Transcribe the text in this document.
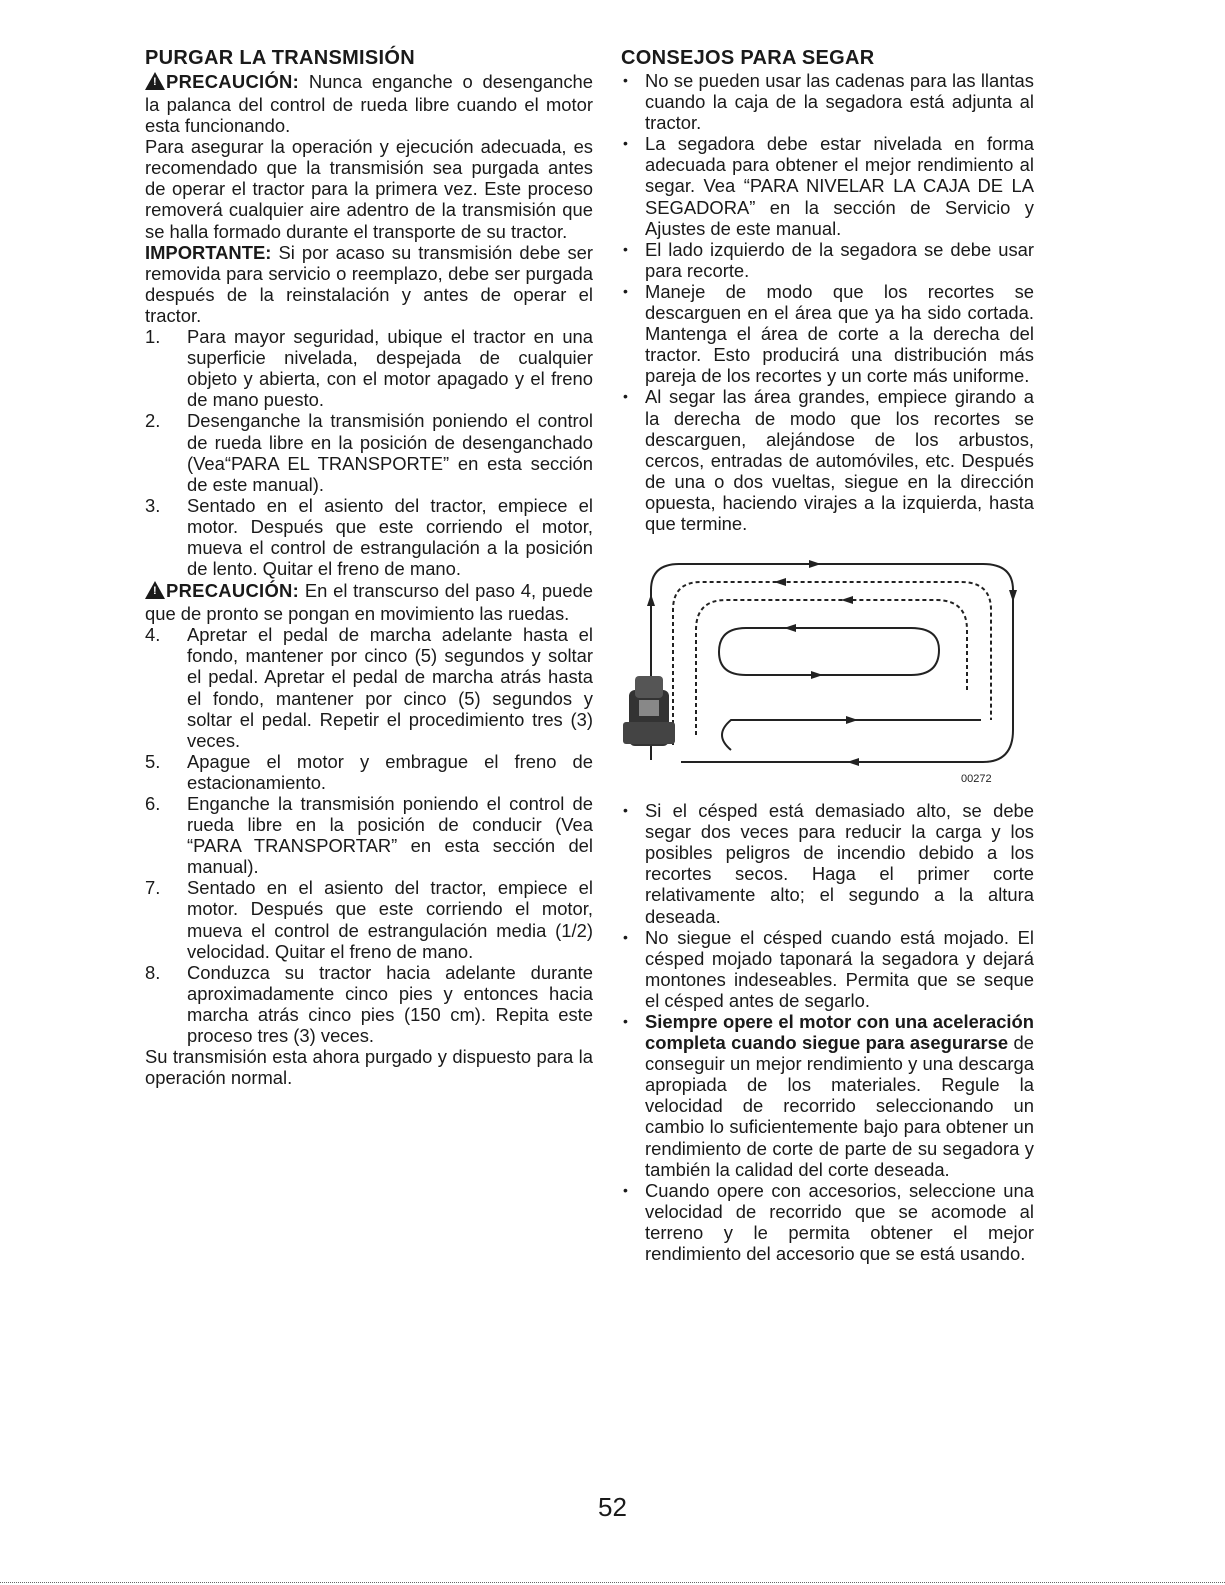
PURGAR LA TRANSMISIÓN

! PRECAUCIÓN: Nunca enganche o desenganche la palanca del control de rueda libre cuando el motor esta funcionando.

Para asegurar la operación y ejecución adecuada, es recomendado que la transmisión sea purgada antes de operar el tractor para la primera vez. Este proceso removerá cualquier aire adentro de la transmisión que se halla formado durante el transporte de su tractor.

IMPORTANTE: Si por acaso su transmisión debe ser removida para servicio o reemplazo, debe ser purgada después de la reinstalación y antes de operar el tractor.

1. Para mayor seguridad, ubique el tractor en una superficie nivelada, despejada de cualquier objeto y abierta, con el motor apagado y el freno de mano puesto.
2. Desenganche la transmisión poniendo el control de rueda libre en la posición de desenganchado (Vea“PARA EL TRANSPORTE” en esta sección de este manual).
3. Sentado en el asiento del tractor, empiece el motor. Después que este corriendo el motor, mueva el control de estrangulación a la posición de lento. Quitar el freno de mano.

! PRECAUCIÓN: En el transcurso del paso 4, puede que de pronto se pongan en movimiento las ruedas.

4. Apretar el pedal de marcha adelante hasta el fondo, mantener por cinco (5) segundos y soltar el pedal. Apretar el pedal de marcha atrás hasta el fondo, mantener por cinco (5) segundos y soltar el pedal. Repetir el procedimiento tres (3) veces.
5. Apague el motor y embrague el freno de estacionamiento.
6. Enganche la transmisión poniendo el control de rueda libre en la posición de conducir (Vea “PARA TRANSPORTAR” en esta sección del manual).
7. Sentado en el asiento del tractor, empiece el motor. Después que este corriendo el motor, mueva el control de estrangulación media (1/2) velocidad. Quitar el freno de mano.
8. Conduzca su tractor hacia adelante durante aproximadamente cinco pies y entonces hacia marcha atrás cinco pies (150 cm). Repita este proceso tres (3) veces.

Su transmisión esta ahora purgado y dispuesto para la operación normal.

CONSEJOS PARA SEGAR
• No se pueden usar las cadenas para las llantas cuando la caja de la segadora está adjunta al tractor.
• La segadora debe estar nivelada en forma adecuada para obtener el mejor rendimiento al segar. Vea “PARA NIVELAR LA CAJA DE LA SEGADORA” en la sección de Servicio y Ajustes de este manual.
• El lado izquierdo de la segadora se debe usar para recorte.
• Maneje de modo que los recortes se descarguen en el área que ya ha sido cortada. Mantenga el área de corte a la derecha del tractor. Esto producirá una distribución más pareja de los recortes y un corte más uniforme.
• Al segar las área grandes, empiece girando a la derecha de modo que los recortes se descarguen, alejándose de los arbustos, cercos, entradas de automóviles, etc. Después de una o dos vueltas, siegue en la dirección opuesta, haciendo virajes a la izquierda, hasta que termine.
00272
• Si el césped está demasiado alto, se debe segar dos veces para reducir la carga y los posibles peligros de incendio debido a los recortes secos. Haga el primer corte relativamente alto; el segundo a la altura deseada.
• No siegue el césped cuando está mojado. El césped mojado taponará la segadora y dejará montones indeseables. Permita que se seque el césped antes de segarlo.
• Siempre opere el motor con una aceleración completa cuando siegue para asegurarse de conseguir un mejor rendimiento y una descarga apropiada de los materiales. Regule la velocidad de recorrido seleccionando un cambio lo suficientemente bajo para obtener un rendimiento de corte de parte de su segadora y también la calidad del corte deseada.
• Cuando opere con accesorios, seleccione una velocidad de recorrido que se acomode al terreno y le permita obtener el mejor rendimiento del accesorio que se está usando.
52
